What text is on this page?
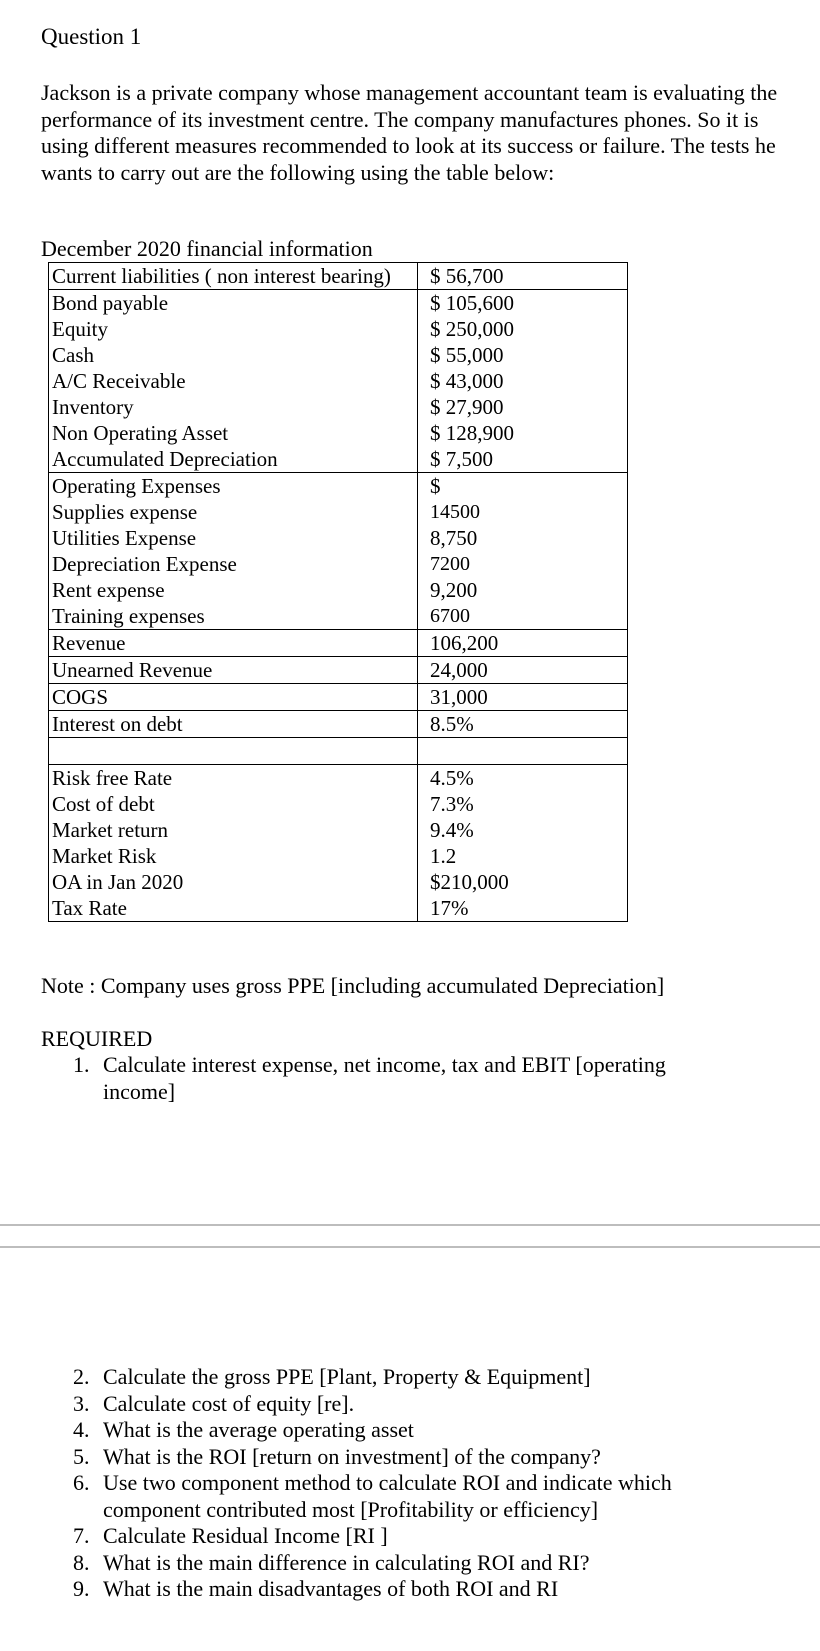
Question 1

Jackson is a private company whose management accountant team is evaluating the performance of its investment centre. The company manufactures phones. So it is using different measures recommended to look at its success or failure. The tests he wants to carry out are the following using the table below:

December 2020 financial information
Current liabilities ( non interest bearing)	$ 56,700
Bond payable	$ 105,600
Equity	$ 250,000
Cash	$ 55,000
A/C Receivable	$ 43,000
Inventory	$ 27,900
Non Operating Asset	$ 128,900
Accumulated Depreciation	$ 7,500
Operating Expenses	$
Supplies expense	14500
Utilities Expense	8,750
Depreciation Expense	7200
Rent expense	9,200
Training expenses	6700
Revenue	106,200
Unearned Revenue	24,000
COGS	31,000
Interest on debt	8.5%

Risk free Rate	4.5%
Cost of debt	7.3%
Market return	9.4%
Market Risk	1.2
OA in Jan 2020	$210,000
Tax Rate	17%
Note : Company uses gross PPE [including accumulated Depreciation]
REQUIRED
1. Calculate interest expense, net income, tax and EBIT [operating income]
2. Calculate the gross PPE [Plant, Property & Equipment]
3. Calculate cost of equity [re].
4. What is the average operating asset
5. What is the ROI [return on investment] of the company?
6. Use two component method to calculate ROI and indicate which component contributed most [Profitability or efficiency]
7. Calculate Residual Income [RI ]
8. What is the main difference in calculating ROI and RI?
9. What is the main disadvantages of both ROI and RI
